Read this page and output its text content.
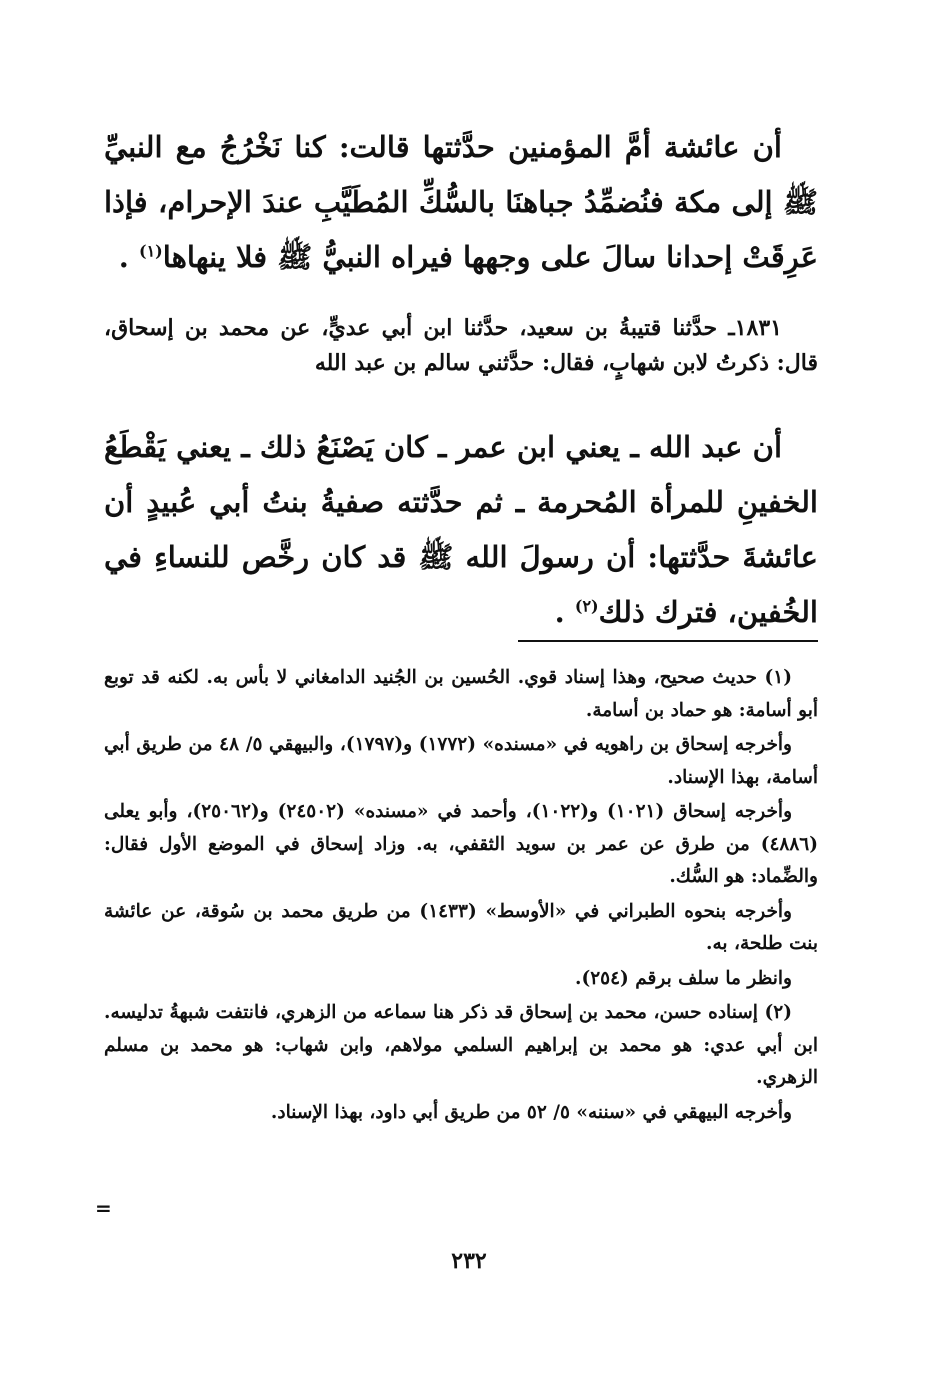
أن عائشة أمَّ المؤمنين حدَّثتها قالت: كنا نَخْرُجُ مع النبيِّ ﷺ إلى مكة فنُضمِّدُ جباهنَا بالسُّكِّ المُطَيَّبِ عندَ الإحرام، فإذا عَرِقَتْ إحدانا سالَ على وجهها فيراه النبيُّ ﷺ فلا ينهاها$^{(١)}$ .

١٨٣١ـ حدَّثنا قتيبةُ بن سعيد، حدَّثنا ابن أبي عديٍّ، عن محمد بن إسحاق، قال: ذكرتُ لابن شهابٍ، فقال: حدَّثني سالم بن عبد الله

أن عبد الله ـ يعني ابن عمر ـ كان يَصْنَعُ ذلك ـ يعني يَقْطَعُ الخفينِ للمرأة المُحرمة ـ ثم حدَّثته صفيةُ بنتُ أبي عُبيدٍ أن عائشةَ حدَّثتها: أن رسولَ الله ﷺ قد كان رخَّص للنساءِ في الخُفين، فترك ذلك$^{(٢)}$ .

(١) حديث صحيح، وهذا إسناد قوي. الحُسين بن الجُنيد الدامغاني لا بأس به. لكنه قد توبع أبو أسامة: هو حماد بن أسامة.

وأخرجه إسحاق بن راهويه في «مسنده» (١٧٧٢) و(١٧٩٧)، والبيهقي ٥/ ٤٨ من طريق أبي أسامة، بهذا الإسناد.

وأخرجه إسحاق (١٠٢١) و(١٠٢٢)، وأحمد في «مسنده» (٢٤٥٠٢) و(٢٥٠٦٢)، وأبو يعلى (٤٨٨٦) من طرق عن عمر بن سويد الثقفي، به. وزاد إسحاق في الموضع الأول فقال: والضِّماد: هو السُّك.

وأخرجه بنحوه الطبراني في «الأوسط» (١٤٣٣) من طريق محمد بن سُوقة، عن عائشة بنت طلحة، به.

وانظر ما سلف برقم (٢٥٤).

(٢) إسناده حسن، محمد بن إسحاق قد ذكر هنا سماعه من الزهري، فانتفت شبهةُ تدليسه. ابن أبي عدي: هو محمد بن إبراهيم السلمي مولاهم، وابن شهاب: هو محمد بن مسلم الزهري.

وأخرجه البيهقي في «سننه» ٥/ ٥٢ من طريق أبي داود، بهذا الإسناد.

=
٢٣٢
